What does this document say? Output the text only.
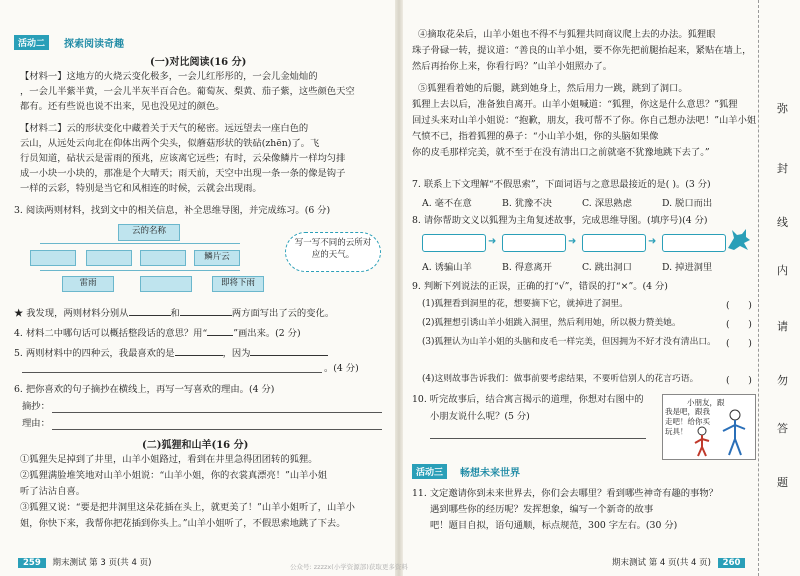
活动二	探索阅读奇趣
(一)对比阅读(16 分)
【材料一】这地方的火烧云变化极多，一会儿红彤彤的，一会儿金灿灿的
，一会儿半紫半黄，一会儿半灰半百合色。葡萄灰、梨黄、茄子紫，这些颜色天空
都有。还有些说也说不出来，见也没见过的颜色。
【材料二】云的形状变化中藏着关于天气的秘密。远远望去一座白色的
云山，从远处云向北在仰体出两个尖头，似蘑菇形状的铁砧(zhēn)了。飞
行员知道，砧状云是雷雨的预兆，应该离它远些；有时，云朵像鳞片一样均匀排
成一小块一小块的，那准是个大晴天；雨天前，天空中出现一条一条的像是钩子
一样的云彩，特别是当它和风相连的时候，云就会出现雨。
3. 阅读两则材料，找到文中的相关信息，补全思维导图，并完成练习。(6 分)
云的名称
鳞片云
雷雨	即将下雨
写一写不同的云所对应的天气。
★ 我发现，两则材料分别从	和	两方面写出了云的变化。
4. 材料二中哪句话可以概括整段话的意思？用“	”画出来。(2 分)
5. 两则材料中的四种云，我最喜欢的是	，因为
。(4 分)
6. 把你喜欢的句子摘抄在横线上，再写一写喜欢的理由。(4 分)
摘抄：
理由：
(二)狐狸和山羊(16 分)
①狐狸失足掉到了井里，山羊小姐路过，看到在井里急得团团转的狐狸。
②狐狸满脸堆笑地对山羊小姐说：“山羊小姐，你的衣裳真漂亮！”山羊小姐
听了沾沾自喜。
③狐狸又说：“要是把井洞里这朵花插在头上，就更美了！”山羊小姐听了，山羊小
姐，你快下来，我帮你把花插到你头上。”山羊小姐听了，不假思索地跳了下去。
259 期末测试 第 3 页(共 4 页)
④摘取花朵后，山羊小姐也不得不与狐狸共同商议爬上去的办法。狐狸眼
珠子骨碌一转，提议道：“善良的山羊小姐，要不你先把前腿抬起来，紧贴在墙上，
然后再抬你上来，你看行吗？”山羊小姐照办了。
⑤狐狸看着她的后腿，跳到她身上，然后用力一跳，跳到了洞口。
狐狸上去以后，准备独自离开。山羊小姐喊道：“狐狸，你这是什么意思？”狐狸
回过头来对山羊小姐说：“抱歉，朋友，我可帮不了你。你自己想办法吧！”山羊小姐
气愤不已，指着狐狸的鼻子：“小山羊小姐，你的头脑如果像
你的皮毛那样完美，就不至于在没有清出口之前就毫不犹豫地跳下去了。”
7. 联系上下文理解“不假思索”，下面词语与之意思最接近的是( )。(3 分)
A. 毫不在意	B. 犹豫不决	C. 深思熟虑	D. 脱口而出
8. 请你帮助文义以狐狸为主角复述故事，完成思维导图。(填序号)(4 分)
➜	➜	➜
A. 诱骗山羊	B. 得意离开	C. 跳出洞口	D. 掉进洞里
9. 判断下列说法的正误，正确的打“√”，错误的打“×”。(4 分)
(1)狐狸看到洞里的花，想要摘下它，就掉进了洞里。	(　　)
(2)狐狸想引诱山羊小姐跳入洞里，然后利用她，所以极力赞美她。	(　　)
(3)狐狸认为山羊小姐的头脑和皮毛一样完美，但因拥为不好才没有清出口。 (　　)
(4)这则故事告诉我们：做事前要考虑结果，不要听信别人的花言巧语。	(　　)
10. 听完故事后，结合寓言揭示的道理，你想对右图中的
小朋友说什么呢？(5 分)
小朋友，跟
我是吧，跟我走吧！给你买玩具！
活动三	畅想未来世界
11. 文定邀请你到未来世界去，你们会去哪里？看到哪些神奇有趣的事物？
遇到哪些你的经历呢？发挥想象，编写一个新奇的故事
吧！题目自拟，语句通顺，标点规范，300 字左右。(30 分)
期末测试 第 4 页(共 4 页) 260
公众号: zzzzx(小学资源部)获取更多资料
弥
封
线
内
请
勿
答
题
